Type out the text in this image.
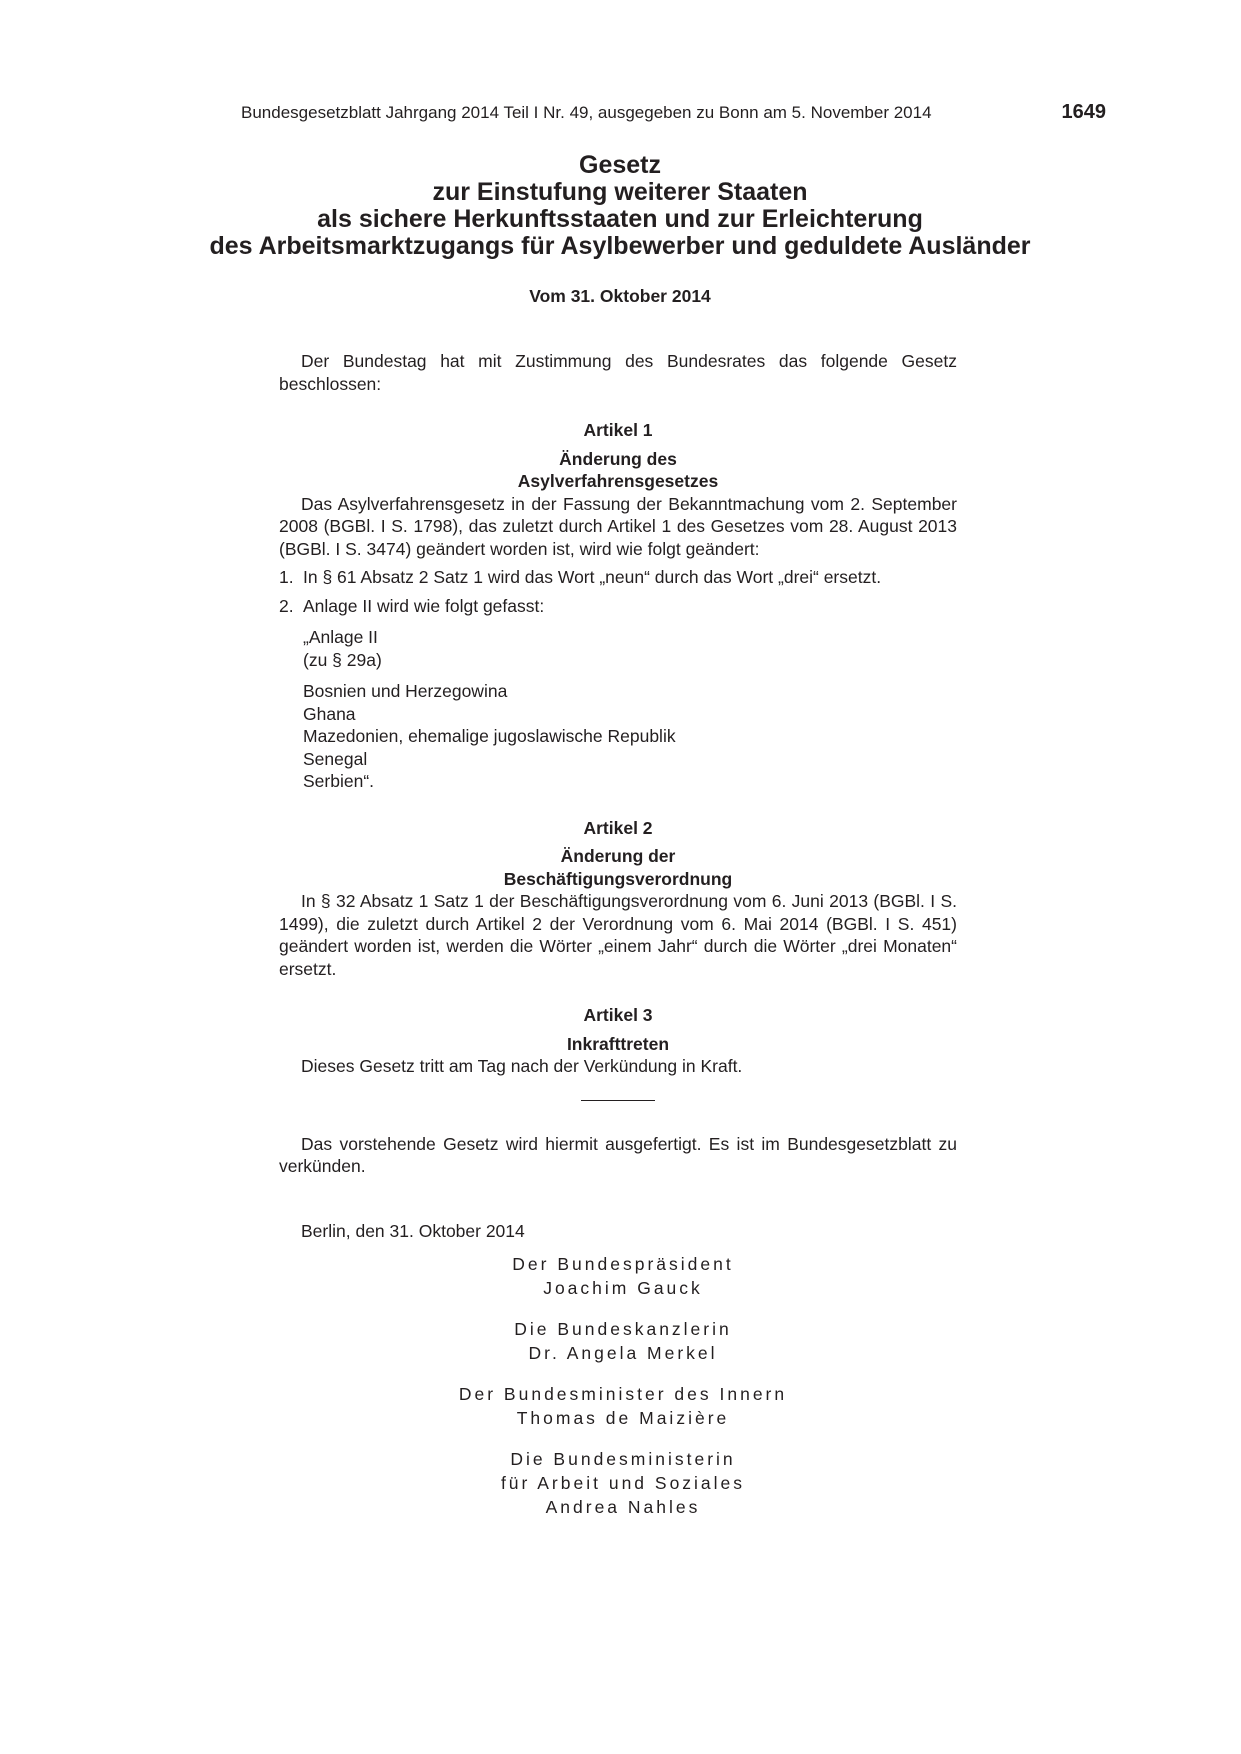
Bundesgesetzblatt Jahrgang 2014 Teil I Nr. 49, ausgegeben zu Bonn am 5. November 2014	1649
Gesetz
zur Einstufung weiterer Staaten
als sichere Herkunftsstaaten und zur Erleichterung
des Arbeitsmarktzugangs für Asylbewerber und geduldete Ausländer
Vom 31. Oktober 2014

Der Bundestag hat mit Zustimmung des Bundesrates das folgende Gesetz beschlossen:

Artikel 1
Änderung des
Asylverfahrensgesetzes

Das Asylverfahrensgesetz in der Fassung der Bekanntmachung vom 2. September 2008 (BGBl. I S. 1798), das zuletzt durch Artikel 1 des Gesetzes vom 28. August 2013 (BGBl. I S. 3474) geändert worden ist, wird wie folgt geändert:

1. In § 61 Absatz 2 Satz 1 wird das Wort „neun“ durch das Wort „drei“ ersetzt.
2. Anlage II wird wie folgt gefasst:
„Anlage II
(zu § 29a)
Bosnien und Herzegowina
Ghana
Mazedonien, ehemalige jugoslawische Republik
Senegal
Serbien“.
Artikel 2
Änderung der
Beschäftigungsverordnung

In § 32 Absatz 1 Satz 1 der Beschäftigungsverordnung vom 6. Juni 2013 (BGBl. I S. 1499), die zuletzt durch Artikel 2 der Verordnung vom 6. Mai 2014 (BGBl. I S. 451) geändert worden ist, werden die Wörter „einem Jahr“ durch die Wörter „drei Monaten“ ersetzt.

Artikel 3
Inkrafttreten

Dieses Gesetz tritt am Tag nach der Verkündung in Kraft.

Das vorstehende Gesetz wird hiermit ausgefertigt. Es ist im Bundesgesetzblatt zu verkünden.

Berlin, den 31. Oktober 2014

Der Bundespräsident
Joachim Gauck
Die Bundeskanzlerin
Dr. Angela Merkel
Der Bundesminister des Innern
Thomas de Maizière
Die Bundesministerin
für Arbeit und Soziales
Andrea Nahles
